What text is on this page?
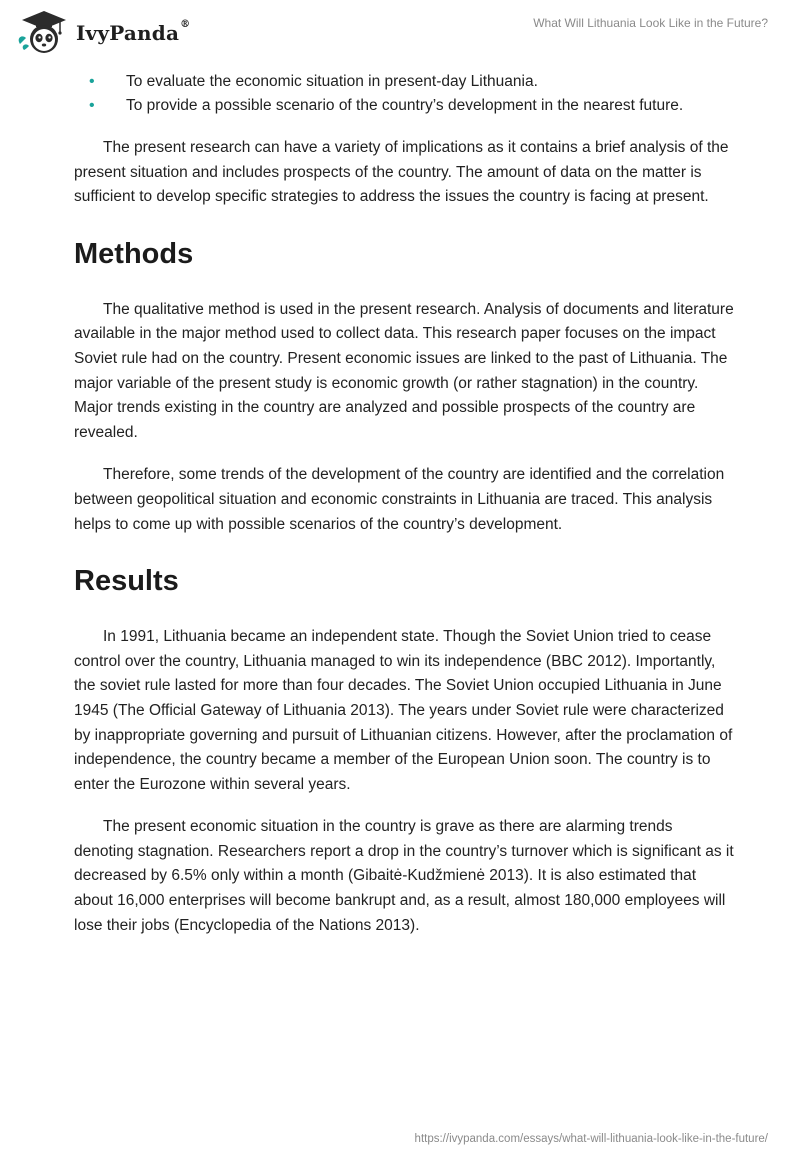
IvyPanda®	What Will Lithuania Look Like in the Future?
• To evaluate the economic situation in present-day Lithuania.
• To provide a possible scenario of the country’s development in the nearest future.

The present research can have a variety of implications as it contains a brief analysis of the present situation and includes prospects of the country. The amount of data on the matter is sufficient to develop specific strategies to address the issues the country is facing at present.

Methods

The qualitative method is used in the present research. Analysis of documents and literature available in the major method used to collect data. This research paper focuses on the impact Soviet rule had on the country. Present economic issues are linked to the past of Lithuania. The major variable of the present study is economic growth (or rather stagnation) in the country. Major trends existing in the country are analyzed and possible prospects of the country are revealed.

Therefore, some trends of the development of the country are identified and the correlation between geopolitical situation and economic constraints in Lithuania are traced. This analysis helps to come up with possible scenarios of the country’s development.

Results

In 1991, Lithuania became an independent state. Though the Soviet Union tried to cease control over the country, Lithuania managed to win its independence (BBC 2012). Importantly, the soviet rule lasted for more than four decades. The Soviet Union occupied Lithuania in June 1945 (The Official Gateway of Lithuania 2013). The years under Soviet rule were characterized by inappropriate governing and pursuit of Lithuanian citizens. However, after the proclamation of independence, the country became a member of the European Union soon. The country is to enter the Eurozone within several years.

The present economic situation in the country is grave as there are alarming trends denoting stagnation. Researchers report a drop in the country’s turnover which is significant as it decreased by 6.5% only within a month (Gibaitė-Kudžmienė 2013). It is also estimated that about 16,000 enterprises will become bankrupt and, as a result, almost 180,000 employees will lose their jobs (Encyclopedia of the Nations 2013).

https://ivypanda.com/essays/what-will-lithuania-look-like-in-the-future/
